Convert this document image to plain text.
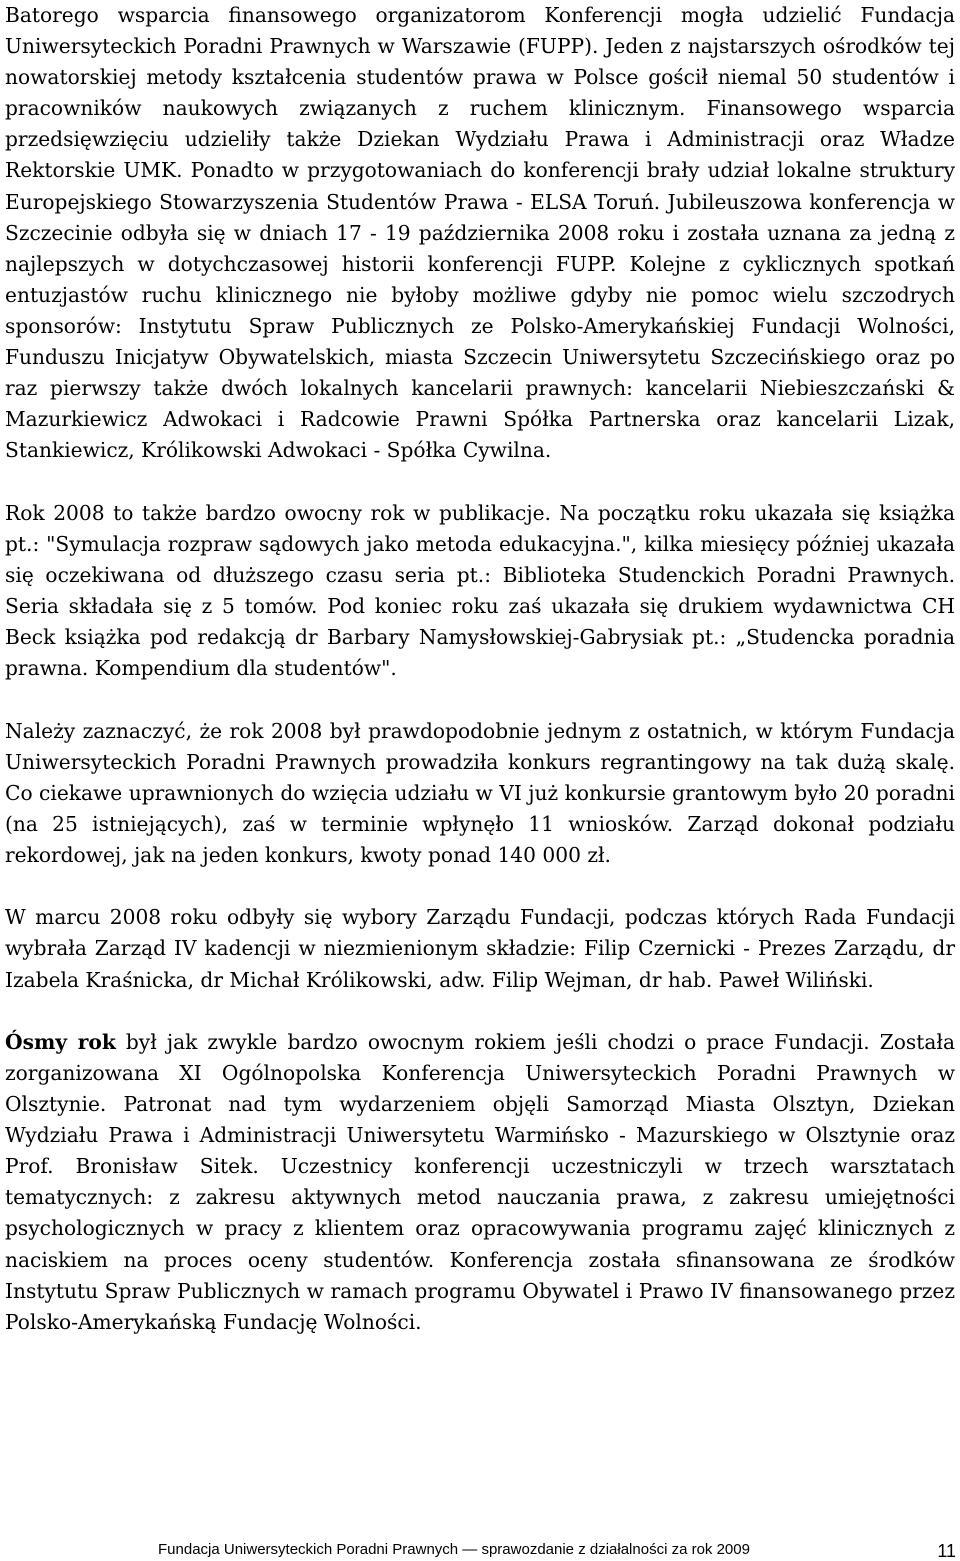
Batorego wsparcia finansowego organizatorom Konferencji mogła udzielić Fundacja Uniwersyteckich Poradni Prawnych w Warszawie (FUPP). Jeden z najstarszych ośrodków tej nowatorskiej metody kształcenia studentów prawa w Polsce gościł niemal 50 studentów i pracowników naukowych związanych z ruchem klinicznym. Finansowego wsparcia przedsięwzięciu udzieliły także Dziekan Wydziału Prawa i Administracji oraz Władze Rektorskie UMK. Ponadto w przygotowaniach do konferencji brały udział lokalne struktury Europejskiego Stowarzyszenia Studentów Prawa - ELSA Toruń. Jubileuszowa konferencja w Szczecinie odbyła się w dniach 17 - 19 października 2008 roku i została uznana za jedną z najlepszych w dotychczasowej historii konferencji FUPP. Kolejne z cyklicznych spotkań entuzjastów ruchu klinicznego nie byłoby możliwe gdyby nie pomoc wielu szczodrych sponsorów: Instytutu Spraw Publicznych ze Polsko-Amerykańskiej Fundacji Wolności, Funduszu Inicjatyw Obywatelskich, miasta Szczecin Uniwersytetu Szczecińskiego oraz po raz pierwszy także dwóch lokalnych kancelarii prawnych: kancelarii Niebieszczański & Mazurkiewicz Adwokaci i Radcowie Prawni Spółka Partnerska oraz kancelarii Lizak, Stankiewicz, Królikowski Adwokaci - Spółka Cywilna.

Rok 2008 to także bardzo owocny rok w publikacje. Na początku roku ukazała się książka pt.: "Symulacja rozpraw sądowych jako metoda edukacyjna.", kilka miesięcy później ukazała się oczekiwana od dłuższego czasu seria pt.: Biblioteka Studenckich Poradni Prawnych. Seria składała się z 5 tomów. Pod koniec roku zaś ukazała się drukiem wydawnictwa CH Beck książka pod redakcją dr Barbary Namysłowskiej-Gabrysiak pt.: „Studencka poradnia prawna. Kompendium dla studentów".

Należy zaznaczyć, że rok 2008 był prawdopodobnie jednym z ostatnich, w którym Fundacja Uniwersyteckich Poradni Prawnych prowadziła konkurs regrantingowy na tak dużą skalę. Co ciekawe uprawnionych do wzięcia udziału w VI już konkursie grantowym było 20 poradni (na 25 istniejących), zaś w terminie wpłynęło 11 wniosków. Zarząd dokonał podziału rekordowej, jak na jeden konkurs, kwoty ponad 140 000 zł.

W marcu 2008 roku odbyły się wybory Zarządu Fundacji, podczas których Rada Fundacji wybrała Zarząd IV kadencji w niezmienionym składzie: Filip Czernicki - Prezes Zarządu, dr Izabela Kraśnicka, dr Michał Królikowski, adw. Filip Wejman, dr hab. Paweł Wiliński.

Ósmy rok był jak zwykle bardzo owocnym rokiem jeśli chodzi o prace Fundacji. Została zorganizowana XI Ogólnopolska Konferencja Uniwersyteckich Poradni Prawnych w Olsztynie. Patronat nad tym wydarzeniem objęli Samorząd Miasta Olsztyn, Dziekan Wydziału Prawa i Administracji Uniwersytetu Warmińsko - Mazurskiego w Olsztynie oraz Prof. Bronisław Sitek. Uczestnicy konferencji uczestniczyli w trzech warsztatach tematycznych: z zakresu aktywnych metod nauczania prawa, z zakresu umiejętności psychologicznych w pracy z klientem oraz opracowywania programu zajęć klinicznych z naciskiem na proces oceny studentów. Konferencja została sfinansowana ze środków Instytutu Spraw Publicznych w ramach programu Obywatel i Prawo IV finansowanego przez Polsko-Amerykańską Fundację Wolności.

Fundacja Uniwersyteckich Poradni Prawnych — sprawozdanie z działalności za rok 2009	11
